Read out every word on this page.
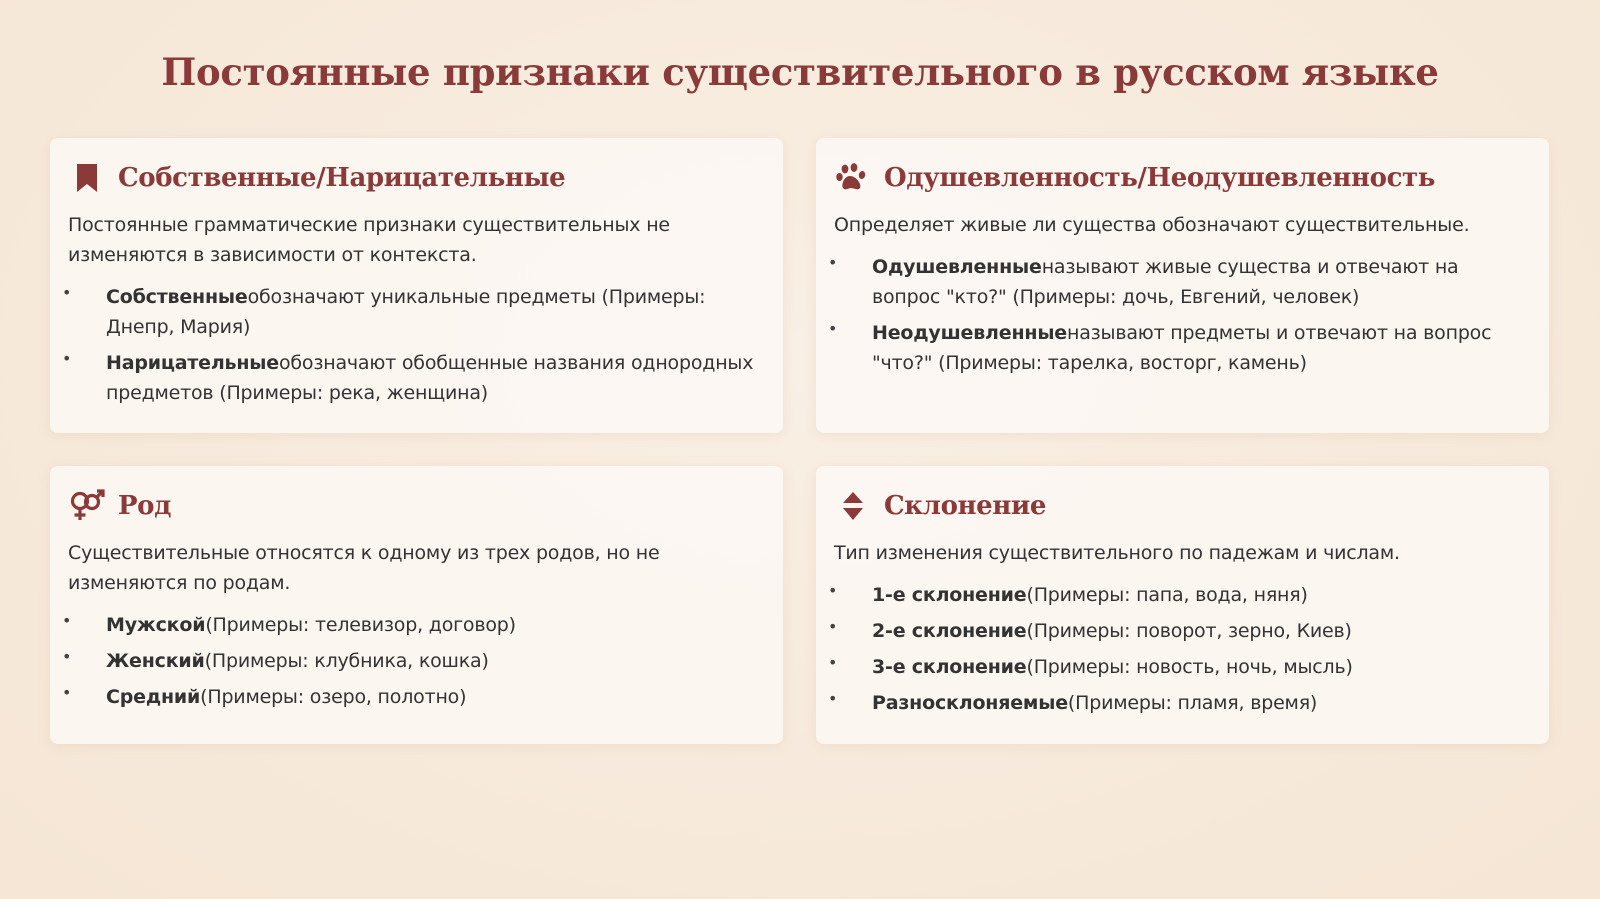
Постоянные признаки существительного в русском языке
Собственные/Нарицательные
Постоянные грамматические признаки существительных не изменяются в зависимости от контекста.
• Собственныеобозначают уникальные предметы (Примеры: Днепр, Мария)
• Нарицательныеобозначают обобщенные названия однородных предметов (Примеры: река, женщина)
Одушевленность/Неодушевленность
Определяет живые ли существа обозначают существительные.
• Одушевленныеназывают живые существа и отвечают на вопрос "кто?" (Примеры: дочь, Евгений, человек)
• Неодушевленныеназывают предметы и отвечают на вопрос "что?" (Примеры: тарелка, восторг, камень)
Род
Существительные относятся к одному из трех родов, но не изменяются по родам.
• Мужской(Примеры: телевизор, договор)
• Женский(Примеры: клубника, кошка)
• Средний(Примеры: озеро, полотно)
Склонение
Тип изменения существительного по падежам и числам.
• 1-е склонение(Примеры: папа, вода, няня)
• 2-е склонение(Примеры: поворот, зерно, Киев)
• 3-е склонение(Примеры: новость, ночь, мысль)
• Разносклоняемые(Примеры: пламя, время)
